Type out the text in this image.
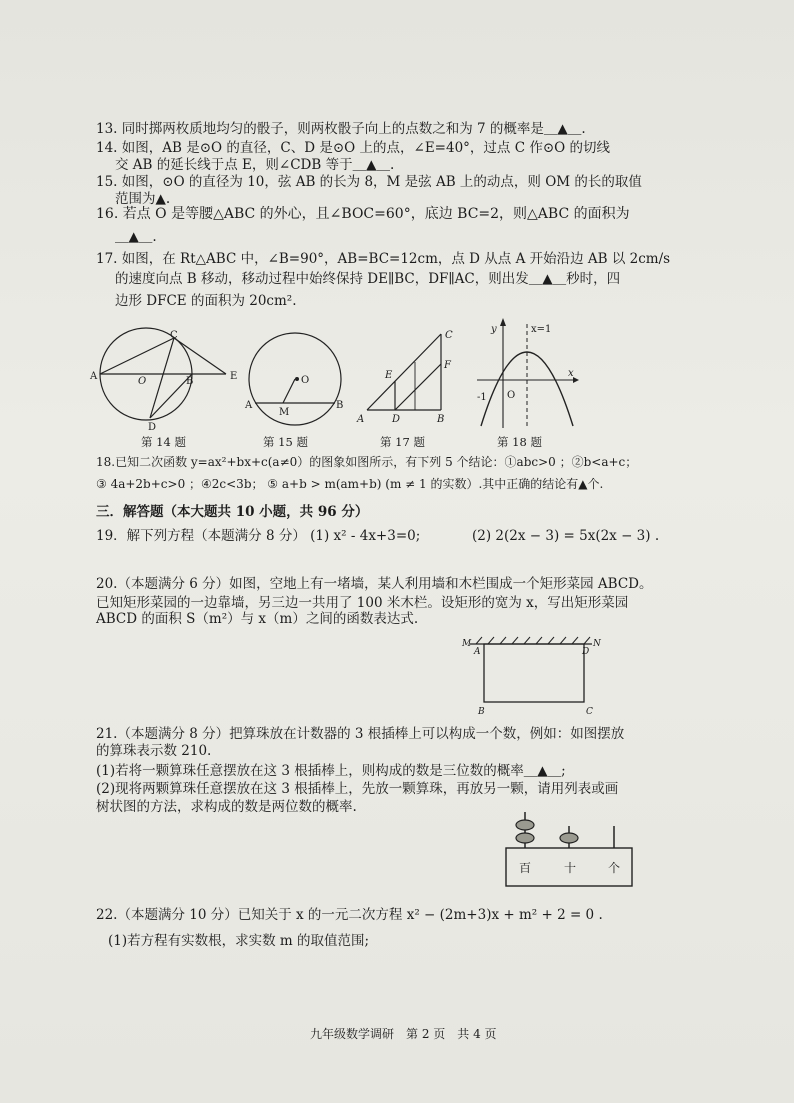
13. 同时掷两枚质地均匀的骰子，则两枚骰子向上的点数之和为 7 的概率是＿▲＿.
14. 如图，AB 是⊙O 的直径，C、D 是⊙O 上的点，∠E=40°，过点 C 作⊙O 的切线
交 AB 的延长线于点 E，则∠CDB 等于＿▲＿.
15. 如图，⊙O 的直径为 10，弦 AB 的长为 8，M 是弦 AB 上的动点，则 OM 的长的取值
范围为▲.
16. 若点 O 是等腰△ABC 的外心，且∠BOC=60°，底边 BC=2，则△ABC 的面积为
＿▲＿.
17. 如图，在 Rt△ABC 中，∠B=90°，AB=BC=12cm，点 D 从点 A 开始沿边 AB 以 2cm/s
的速度向点 B 移动，移动过程中始终保持 DE∥BC，DF∥AC，则出发＿▲＿秒时，四
边形 DFCE 的面积为 20cm².
A	O	B
C
D
E
第 14 题
A
M
B
O
第 15 题
A	D	B
C
E
F
第 17 题
y
x
x=1
-1 O
第 18 题
18.已知二次函数 y=ax²+bx+c(a≠0）的图象如图所示，有下列 5 个结论：①abc>0 ；②b<a+c；
③ 4a+2b+c>0 ；④2c<3b； ⑤ a+b > m(am+b) (m ≠ 1 的实数）.其中正确的结论有▲个.
三．解答题（本大题共 10 小题，共 96 分）
19．解下列方程（本题满分 8 分） (1) x² - 4x+3=0;	(2) 2(2x − 3) = 5x(2x − 3) .
20.（本题满分 6 分）如图，空地上有一堵墙，某人利用墙和木栏围成一个矩形菜园 ABCD。
已知矩形菜园的一边靠墙，另三边一共用了 100 米木栏。设矩形的宽为 x，写出矩形菜园
ABCD 的面积 S（m²）与 x（m）之间的函数表达式.
M	N
A	D
B	C
21.（本题满分 8 分）把算珠放在计数器的 3 根插棒上可以构成一个数，例如：如图摆放
的算珠表示数 210.
(1)若将一颗算珠任意摆放在这 3 根插棒上，则构成的数是三位数的概率＿▲＿;
(2)现将两颗算珠任意摆放在这 3 根插棒上，先放一颗算珠，再放另一颗，请用列表或画
树状图的方法，求构成的数是两位数的概率.
百	十	个
22.（本题满分 10 分）已知关于 x 的一元二次方程 x² − (2m+3)x + m² + 2 = 0 .
(1)若方程有实数根，求实数 m 的取值范围;
九年级数学调研　第 2 页　共 4 页
